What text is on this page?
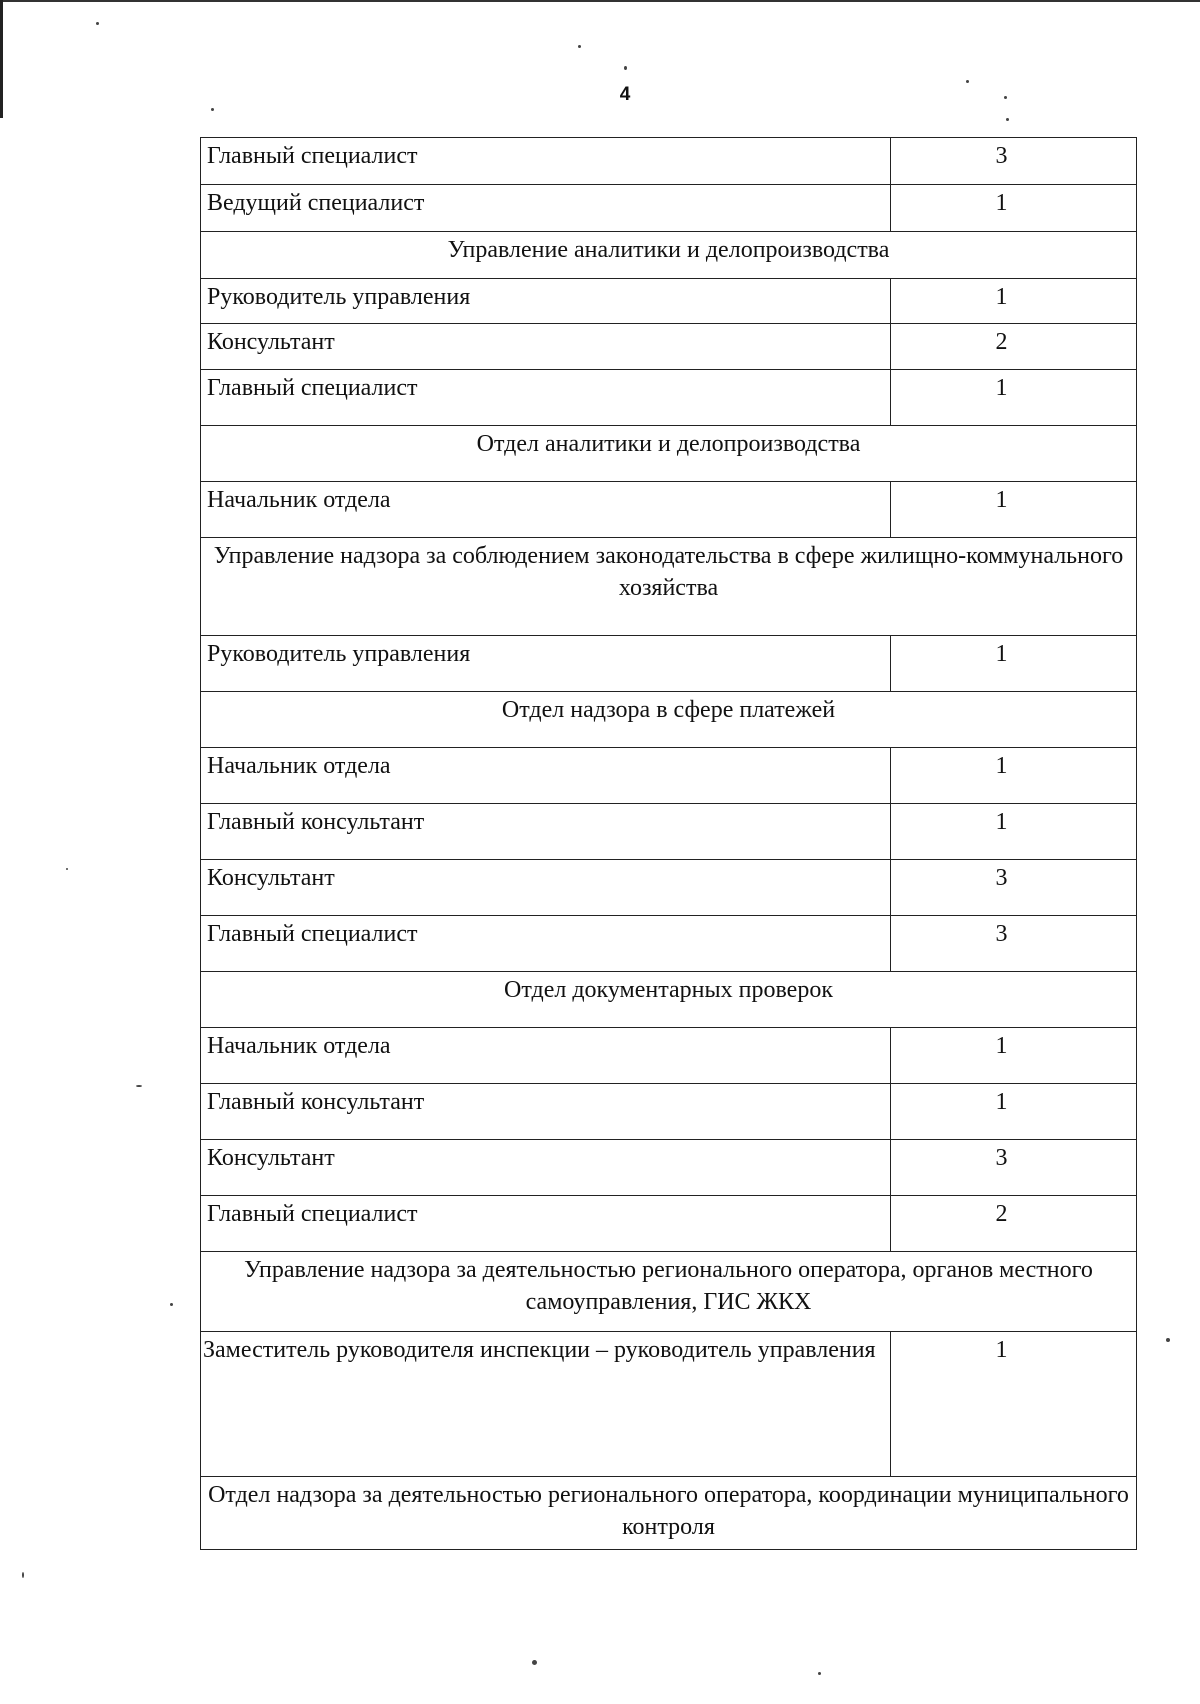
4
Главный специалист	3
Ведущий специалист	1
Управление аналитики и делопроизводства	
Руководитель управления	1
Консультант	2
Главный специалист	1
Отдел аналитики и делопроизводства	
Начальник отдела	1
Управление надзора за соблюдением законодательства в сфере жилищно-коммунального хозяйства	
Руководитель управления	1
Отдел надзора в сфере платежей	
Начальник отдела	1
Главный консультант	1
Консультант	3
Главный специалист	3
Отдел документарных проверок	
Начальник отдела	1
Главный консультант	1
Консультант	3
Главный специалист	2
Управление надзора за деятельностью регионального оператора, органов местного самоуправления, ГИС ЖКХ	
Заместитель руководителя инспекции – руководитель управления	1
Отдел надзора за деятельностью регионального оператора, координации муниципального контроля	
